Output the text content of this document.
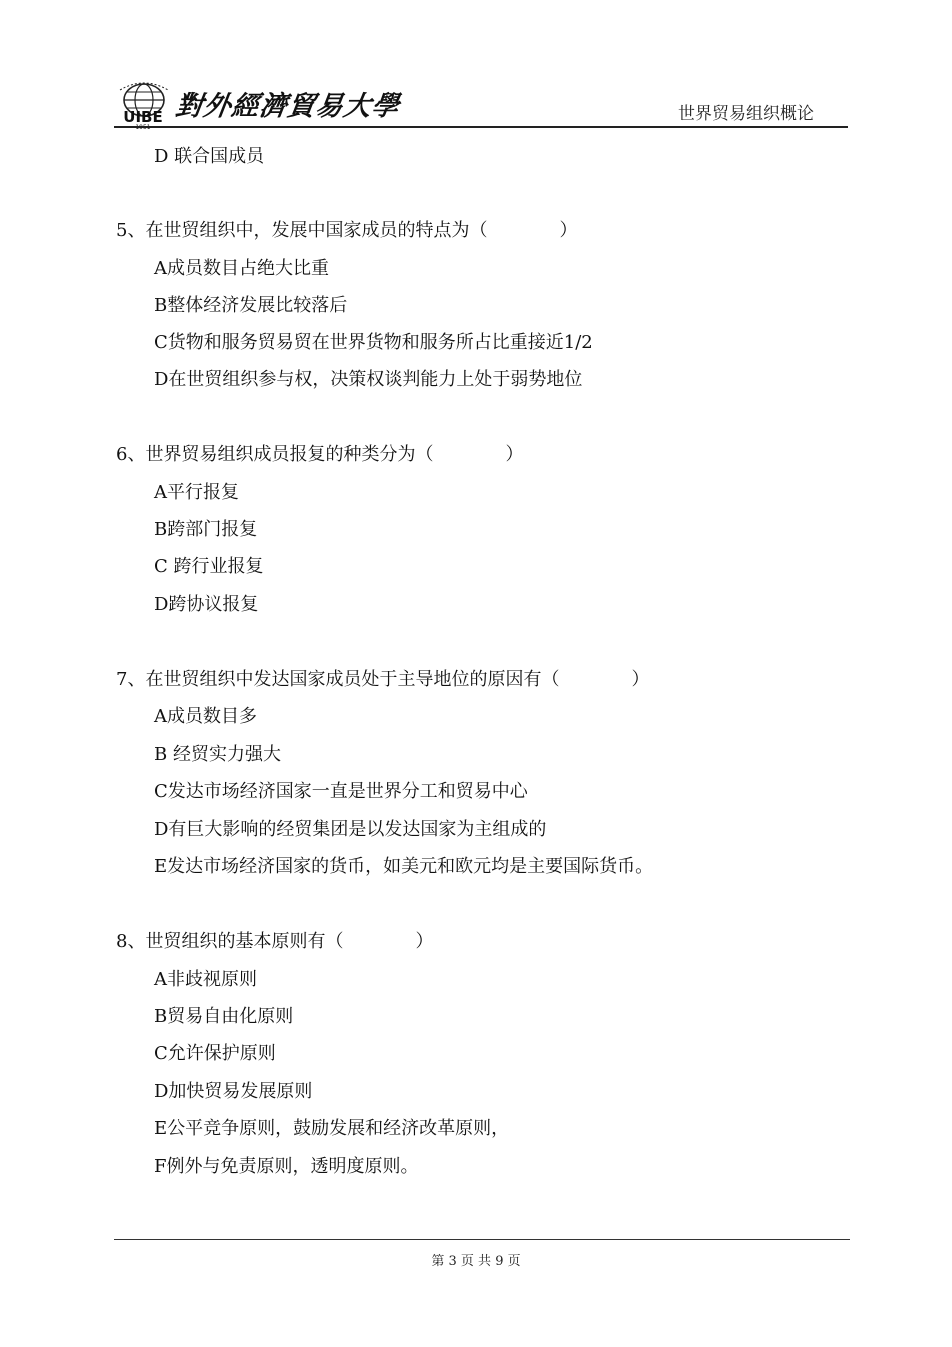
UIBE 對外經濟貿易大學	世界贸易组织概论
D 联合国成员
5、在世贸组织中，发展中国家成员的特点为（　　　　）
A成员数目占绝大比重
B整体经济发展比较落后
C货物和服务贸易贸在世界货物和服务所占比重接近1/2
D在世贸组织参与权，决策权谈判能力上处于弱势地位
6、世界贸易组织成员报复的种类分为（　　　　）
A平行报复
B跨部门报复
C 跨行业报复
D跨协议报复
7、在世贸组织中发达国家成员处于主导地位的原因有（　　　　）
A成员数目多
B 经贸实力强大
C发达市场经济国家一直是世界分工和贸易中心
D有巨大影响的经贸集团是以发达国家为主组成的
E发达市场经济国家的货币，如美元和欧元均是主要国际货币。
8、世贸组织的基本原则有（　　　　）
A非歧视原则
B贸易自由化原则
C允许保护原则
D加快贸易发展原则
E公平竞争原则，鼓励发展和经济改革原则，
F例外与免责原则，透明度原则。
第 3 页 共 9 页
